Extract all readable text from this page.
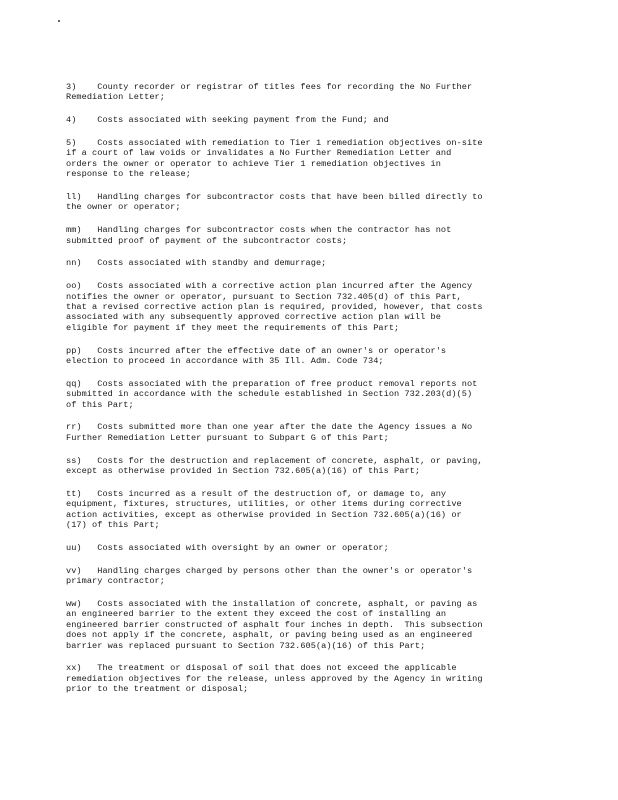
3)    County recorder or registrar of titles fees for recording the No Further
Remediation Letter;

4)    Costs associated with seeking payment from the Fund; and

5)    Costs associated with remediation to Tier 1 remediation objectives on-site
if a court of law voids or invalidates a No Further Remediation Letter and
orders the owner or operator to achieve Tier 1 remediation objectives in
response to the release;

ll)   Handling charges for subcontractor costs that have been billed directly to
the owner or operator;

mm)   Handling charges for subcontractor costs when the contractor has not
submitted proof of payment of the subcontractor costs;

nn)   Costs associated with standby and demurrage;

oo)   Costs associated with a corrective action plan incurred after the Agency
notifies the owner or operator, pursuant to Section 732.405(d) of this Part,
that a revised corrective action plan is required, provided, however, that costs
associated with any subsequently approved corrective action plan will be
eligible for payment if they meet the requirements of this Part;

pp)   Costs incurred after the effective date of an owner's or operator's
election to proceed in accordance with 35 Ill. Adm. Code 734;

qq)   Costs associated with the preparation of free product removal reports not
submitted in accordance with the schedule established in Section 732.203(d)(5)
of this Part;

rr)   Costs submitted more than one year after the date the Agency issues a No
Further Remediation Letter pursuant to Subpart G of this Part;

ss)   Costs for the destruction and replacement of concrete, asphalt, or paving,
except as otherwise provided in Section 732.605(a)(16) of this Part;

tt)   Costs incurred as a result of the destruction of, or damage to, any
equipment, fixtures, structures, utilities, or other items during corrective
action activities, except as otherwise provided in Section 732.605(a)(16) or
(17) of this Part;

uu)   Costs associated with oversight by an owner or operator;

vv)   Handling charges charged by persons other than the owner's or operator's
primary contractor;

ww)   Costs associated with the installation of concrete, asphalt, or paving as
an engineered barrier to the extent they exceed the cost of installing an
engineered barrier constructed of asphalt four inches in depth.  This subsection
does not apply if the concrete, asphalt, or paving being used as an engineered
barrier was replaced pursuant to Section 732.605(a)(16) of this Part;

xx)   The treatment or disposal of soil that does not exceed the applicable
remediation objectives for the release, unless approved by the Agency in writing
prior to the treatment or disposal;
